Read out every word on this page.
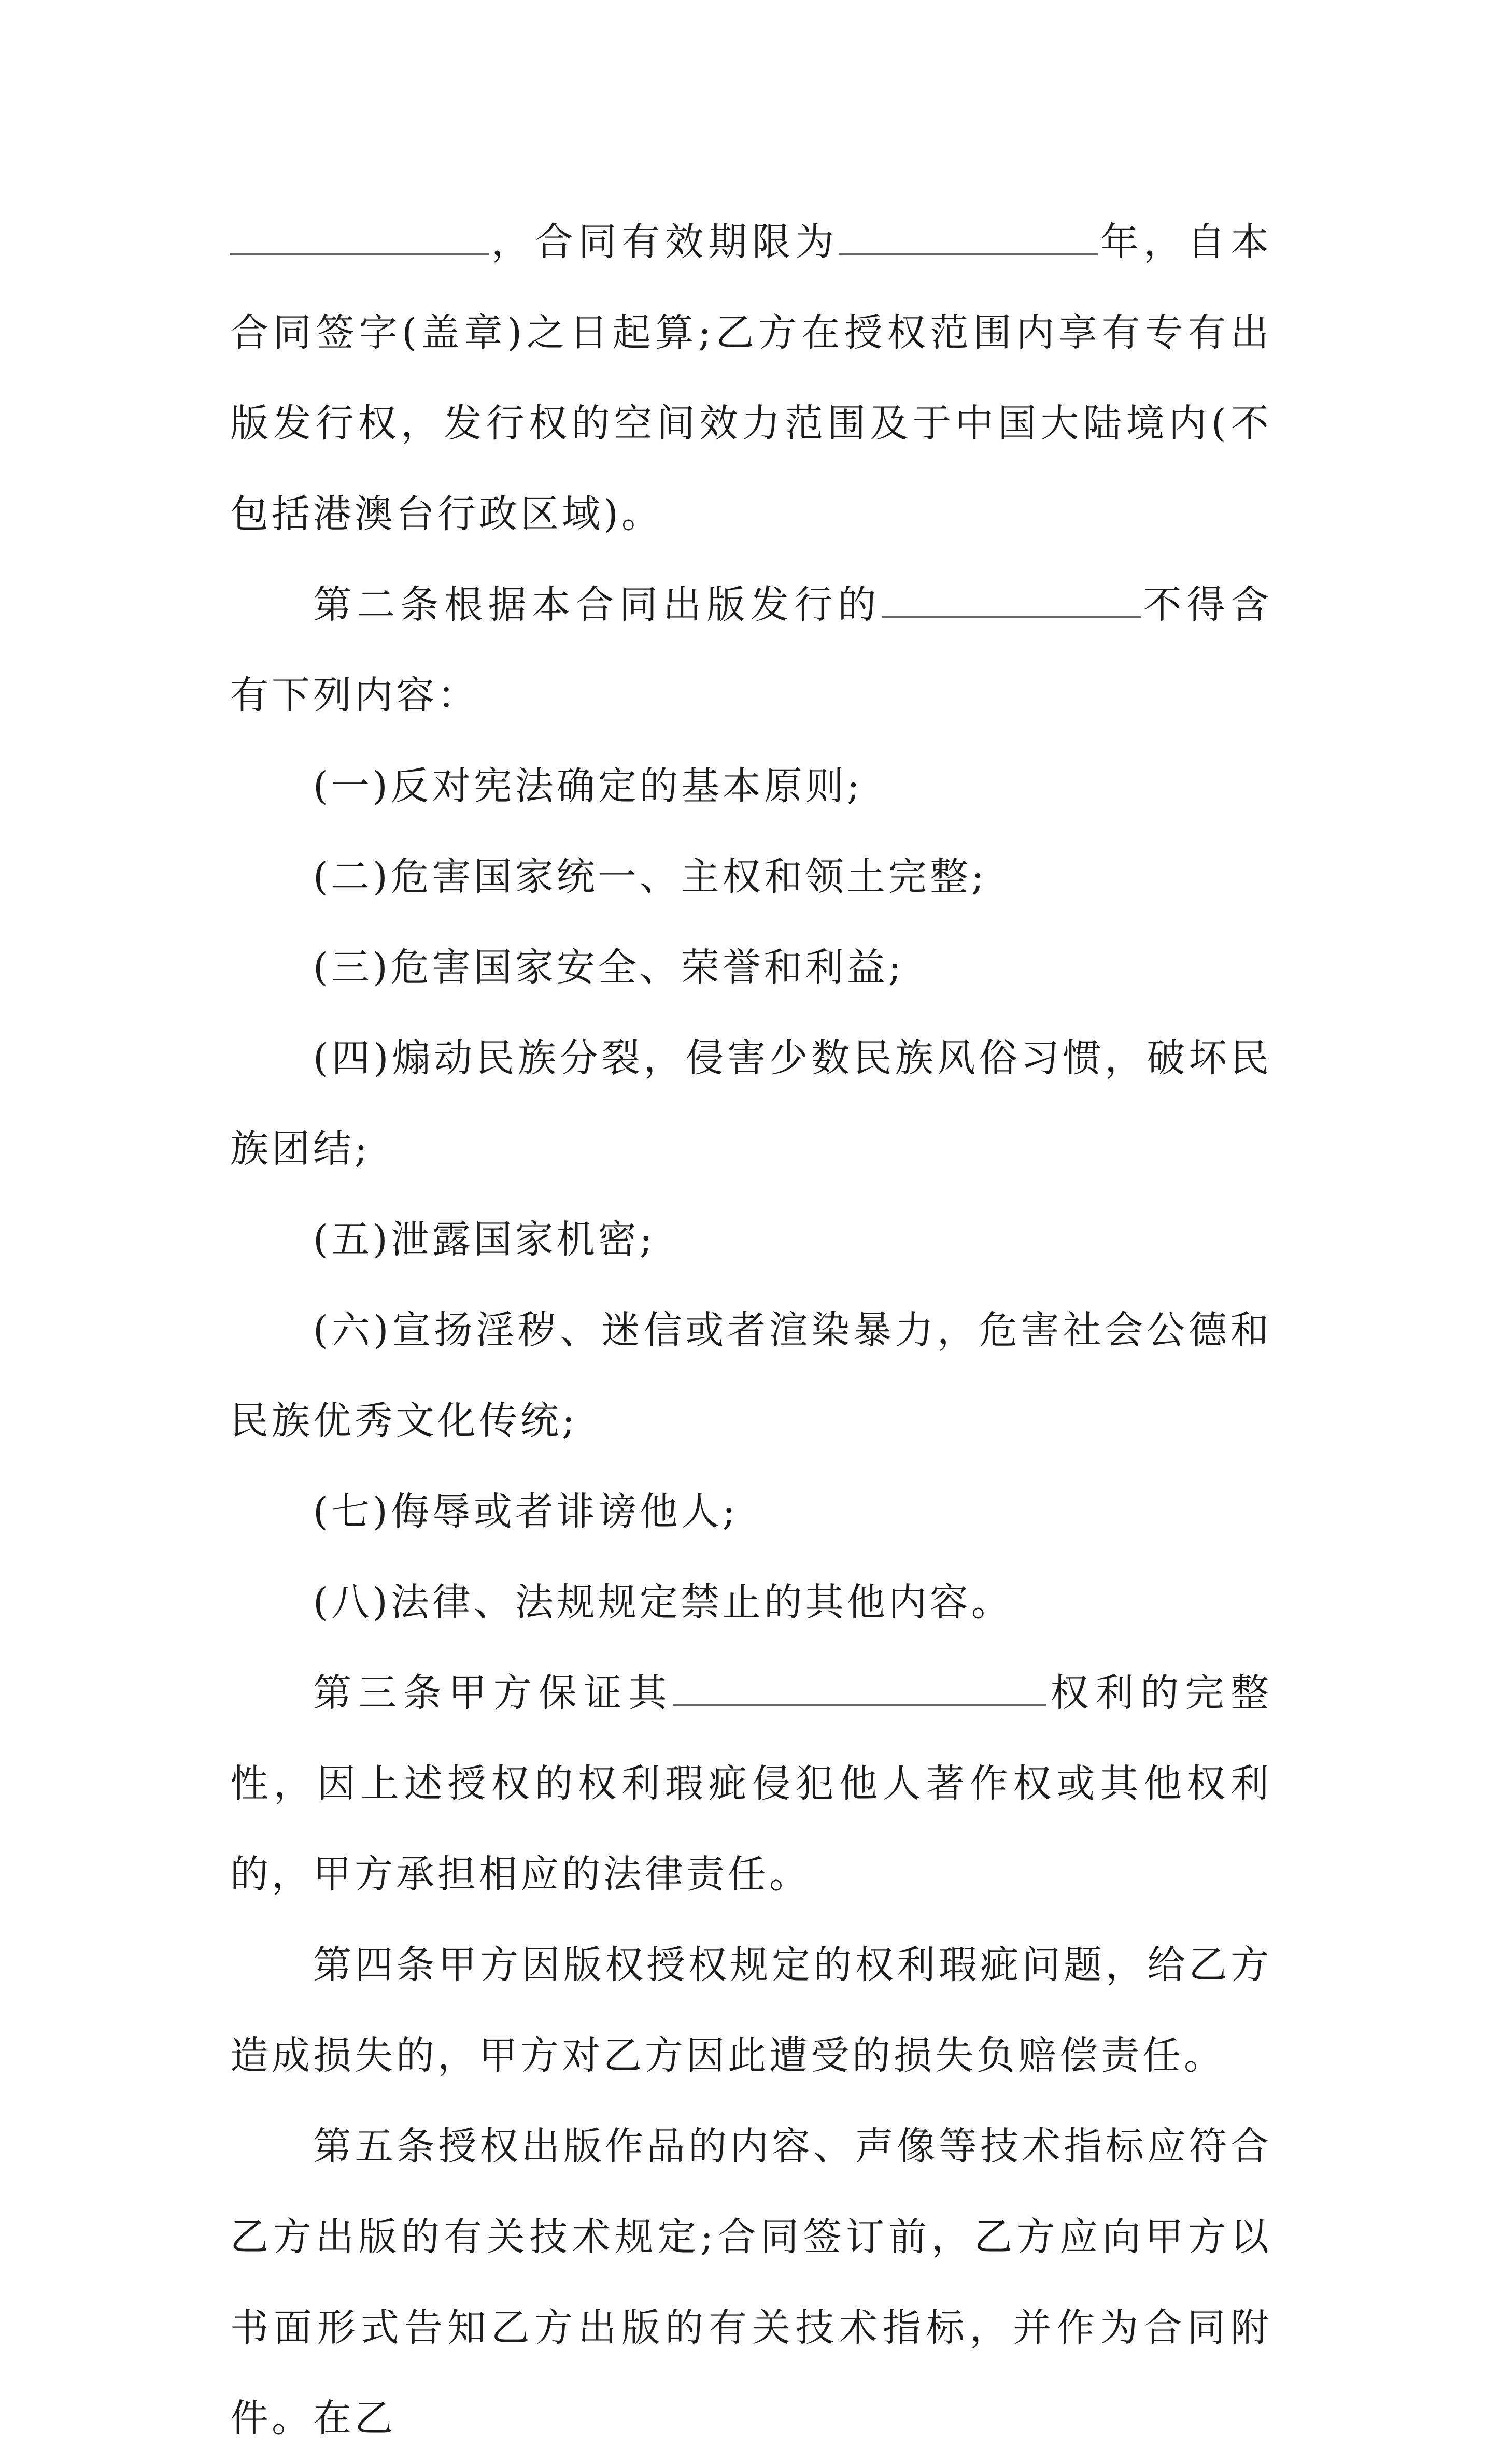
，合同有效期限为	年，自本合同签字(盖章)之日起算;乙方在授权范围内享有专有出版发行权，发行权的空间效力范围及于中国大陆境内(不包括港澳台行政区域)。

第二条根据本合同出版发行的	不得含有下列内容：

(一)反对宪法确定的基本原则;

(二)危害国家统一、主权和领土完整;

(三)危害国家安全、荣誉和利益;

(四)煽动民族分裂，侵害少数民族风俗习惯，破坏民族团结;

(五)泄露国家机密;

(六)宣扬淫秽、迷信或者渲染暴力，危害社会公德和民族优秀文化传统;

(七)侮辱或者诽谤他人;

(八)法律、法规规定禁止的其他内容。

第三条甲方保证其	权利的完整性，因上述授权的权利瑕疵侵犯他人著作权或其他权利的，甲方承担相应的法律责任。

第四条甲方因版权授权规定的权利瑕疵问题，给乙方造成损失的，甲方对乙方因此遭受的损失负赔偿责任。

第五条授权出版作品的内容、声像等技术指标应符合乙方出版的有关技术规定;合同签订前，乙方应向甲方以书面形式告知乙方出版的有关技术指标，并作为合同附件。在乙
